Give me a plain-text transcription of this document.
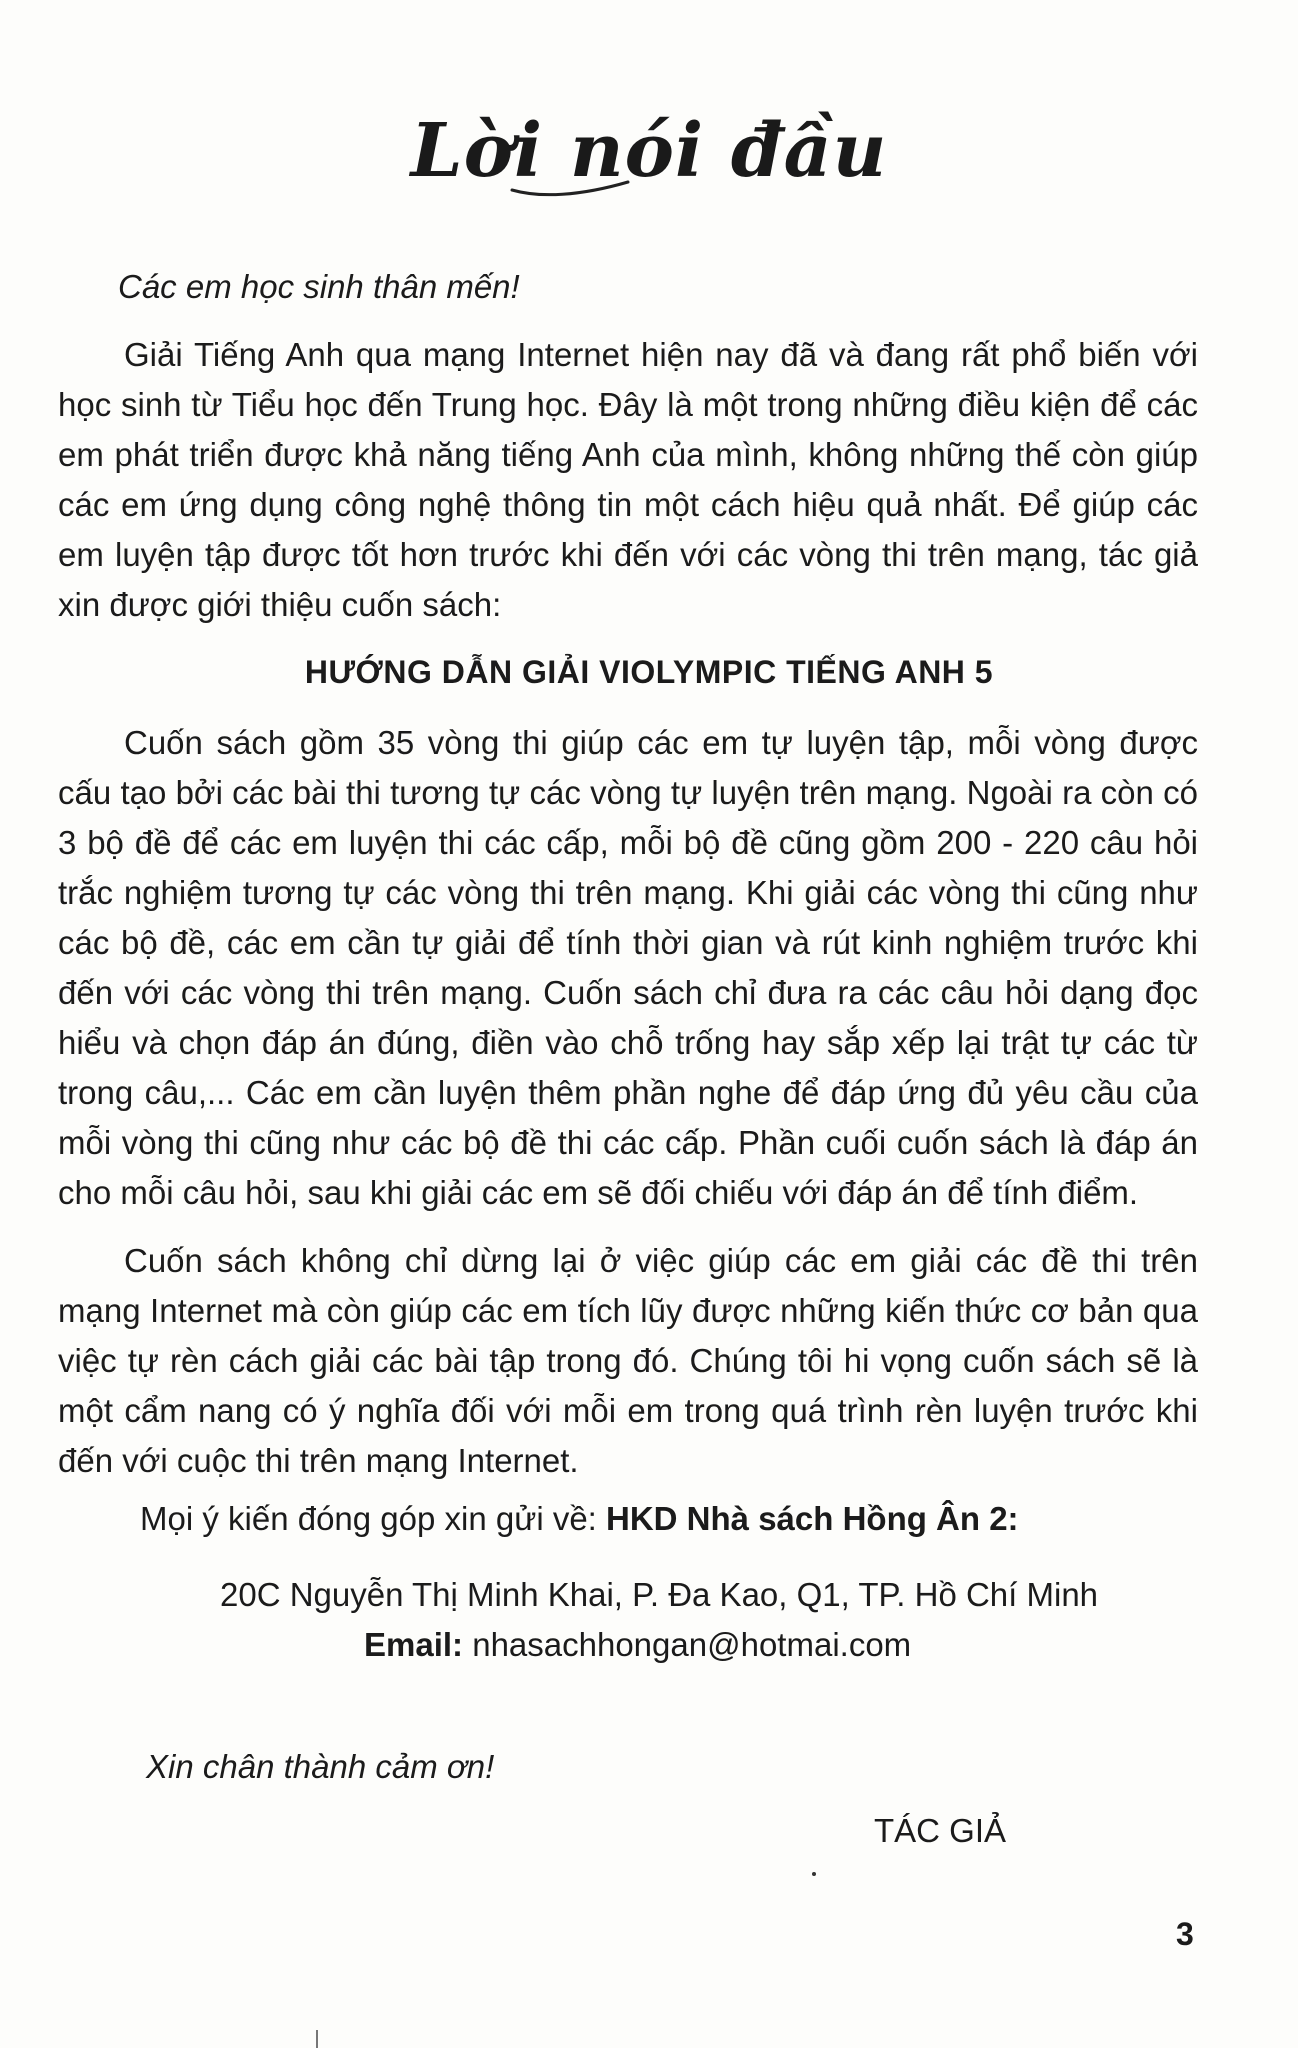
Lời nói đầu
Các em học sinh thân mến!
Giải Tiếng Anh qua mạng Internet hiện nay đã và đang rất phổ biến với học sinh từ Tiểu học đến Trung học. Đây là một trong những điều kiện để các em phát triển được khả năng tiếng Anh của mình, không những thế còn giúp các em ứng dụng công nghệ thông tin một cách hiệu quả nhất. Để giúp các em luyện tập được tốt hơn trước khi đến với các vòng thi trên mạng, tác giả xin được giới thiệu cuốn sách:
HƯỚNG DẪN GIẢI VIOLYMPIC TIẾNG ANH 5
Cuốn sách gồm 35 vòng thi giúp các em tự luyện tập, mỗi vòng được cấu tạo bởi các bài thi tương tự các vòng tự luyện trên mạng. Ngoài ra còn có 3 bộ đề để các em luyện thi các cấp, mỗi bộ đề cũng gồm 200 - 220 câu hỏi trắc nghiệm tương tự các vòng thi trên mạng. Khi giải các vòng thi cũng như các bộ đề, các em cần tự giải để tính thời gian và rút kinh nghiệm trước khi đến với các vòng thi trên mạng. Cuốn sách chỉ đưa ra các câu hỏi dạng đọc hiểu và chọn đáp án đúng, điền vào chỗ trống hay sắp xếp lại trật tự các từ trong câu,... Các em cần luyện thêm phần nghe để đáp ứng đủ yêu cầu của mỗi vòng thi cũng như các bộ đề thi các cấp. Phần cuối cuốn sách là đáp án cho mỗi câu hỏi, sau khi giải các em sẽ đối chiếu với đáp án để tính điểm.
Cuốn sách không chỉ dừng lại ở việc giúp các em giải các đề thi trên mạng Internet mà còn giúp các em tích lũy được những kiến thức cơ bản qua việc tự rèn cách giải các bài tập trong đó. Chúng tôi hi vọng cuốn sách sẽ là một cẩm nang có ý nghĩa đối với mỗi em trong quá trình rèn luyện trước khi đến với cuộc thi trên mạng Internet.
Mọi ý kiến đóng góp xin gửi về: HKD Nhà sách Hồng Ân 2:
20C Nguyễn Thị Minh Khai, P. Đa Kao, Q1, TP. Hồ Chí Minh
Email: nhasachhongan@hotmai.com
Xin chân thành cảm ơn!
TÁC GIẢ
3
